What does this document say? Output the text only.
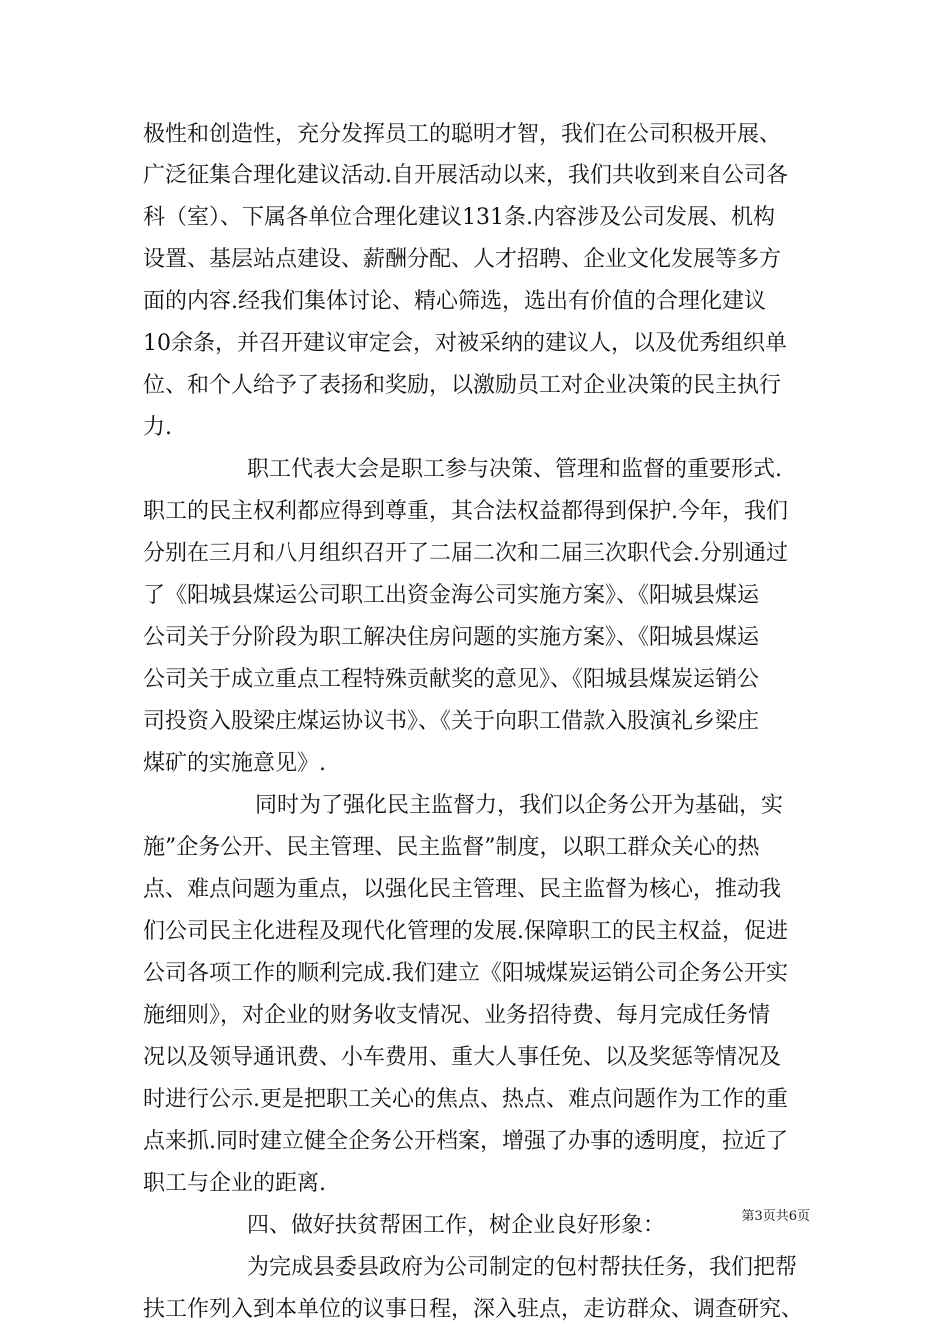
极性和创造性，充分发挥员工的聪明才智，我们在公司积极开展、
广泛征集合理化建议活动.自开展活动以来，我们共收到来自公司各
科（室）、下属各单位合理化建议131条.内容涉及公司发展、机构
设置、基层站点建设、薪酬分配、人才招聘、企业文化发展等多方
面的内容.经我们集体讨论、精心筛选，选出有价值的合理化建议
10余条，并召开建议审定会，对被采纳的建议人，以及优秀组织单
位、和个人给予了表扬和奖励，以激励员工对企业决策的民主执行
力.
职工代表大会是职工参与决策、管理和监督的重要形式.
职工的民主权利都应得到尊重，其合法权益都得到保护.今年，我们
分别在三月和八月组织召开了二届二次和二届三次职代会.分别通过
了《阳城县煤运公司职工出资金海公司实施方案》、《阳城县煤运
公司关于分阶段为职工解决住房问题的实施方案》、《阳城县煤运
公司关于成立重点工程特殊贡献奖的意见》、《阳城县煤炭运销公
司投资入股梁庄煤运协议书》、《关于向职工借款入股演礼乡梁庄
煤矿的实施意见》.
同时为了强化民主监督力，我们以企务公开为基础，实
施”企务公开、民主管理、民主监督”制度，以职工群众关心的热
点、难点问题为重点，以强化民主管理、民主监督为核心，推动我
们公司民主化进程及现代化管理的发展.保障职工的民主权益，促进
公司各项工作的顺利完成.我们建立《阳城煤炭运销公司企务公开实
施细则》，对企业的财务收支情况、业务招待费、每月完成任务情
况以及领导通讯费、小车费用、重大人事任免、以及奖惩等情况及
时进行公示.更是把职工关心的焦点、热点、难点问题作为工作的重
点来抓.同时建立健全企务公开档案，增强了办事的透明度，拉近了
职工与企业的距离.
四、做好扶贫帮困工作，树企业良好形象：
为完成县委县政府为公司制定的包村帮扶任务，我们把帮
扶工作列入到本单位的议事日程，深入驻点，走访群众、调查研究、
第3页共6页
